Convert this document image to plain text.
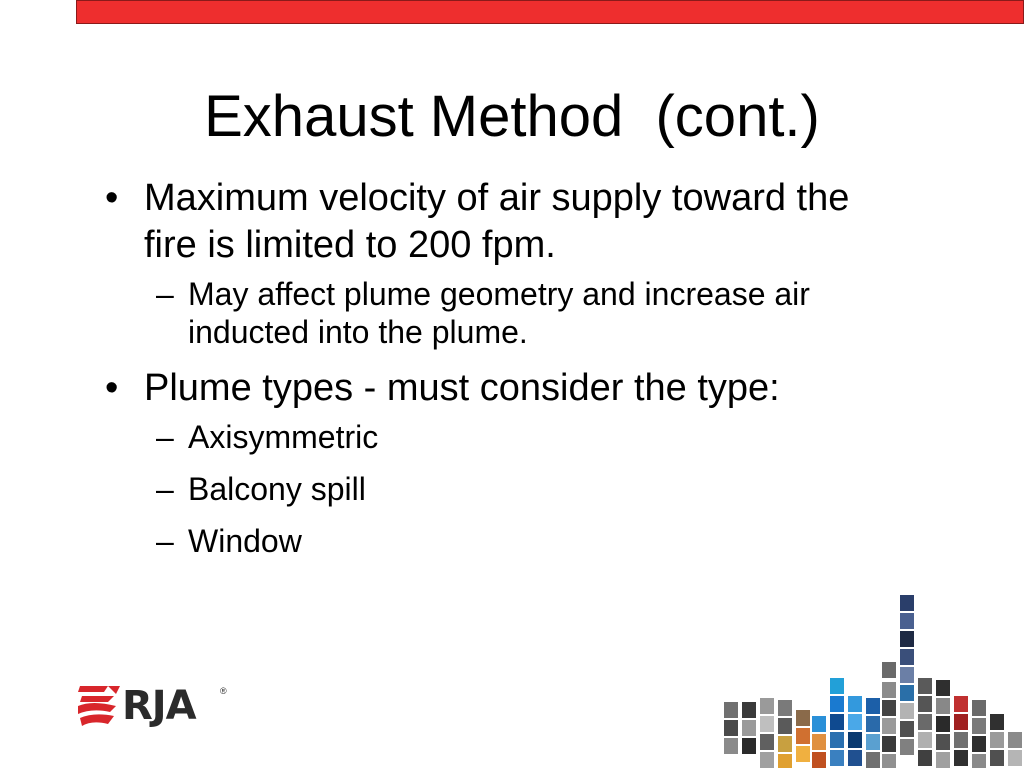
Exhaust Method  (cont.)
• Maximum velocity of air supply toward the fire is limited to 200 fpm.
– May affect plume geometry and increase air inducted into the plume.
• Plume types - must consider the type:
– Axisymmetric
– Balcony spill
– Window
RJA	®
